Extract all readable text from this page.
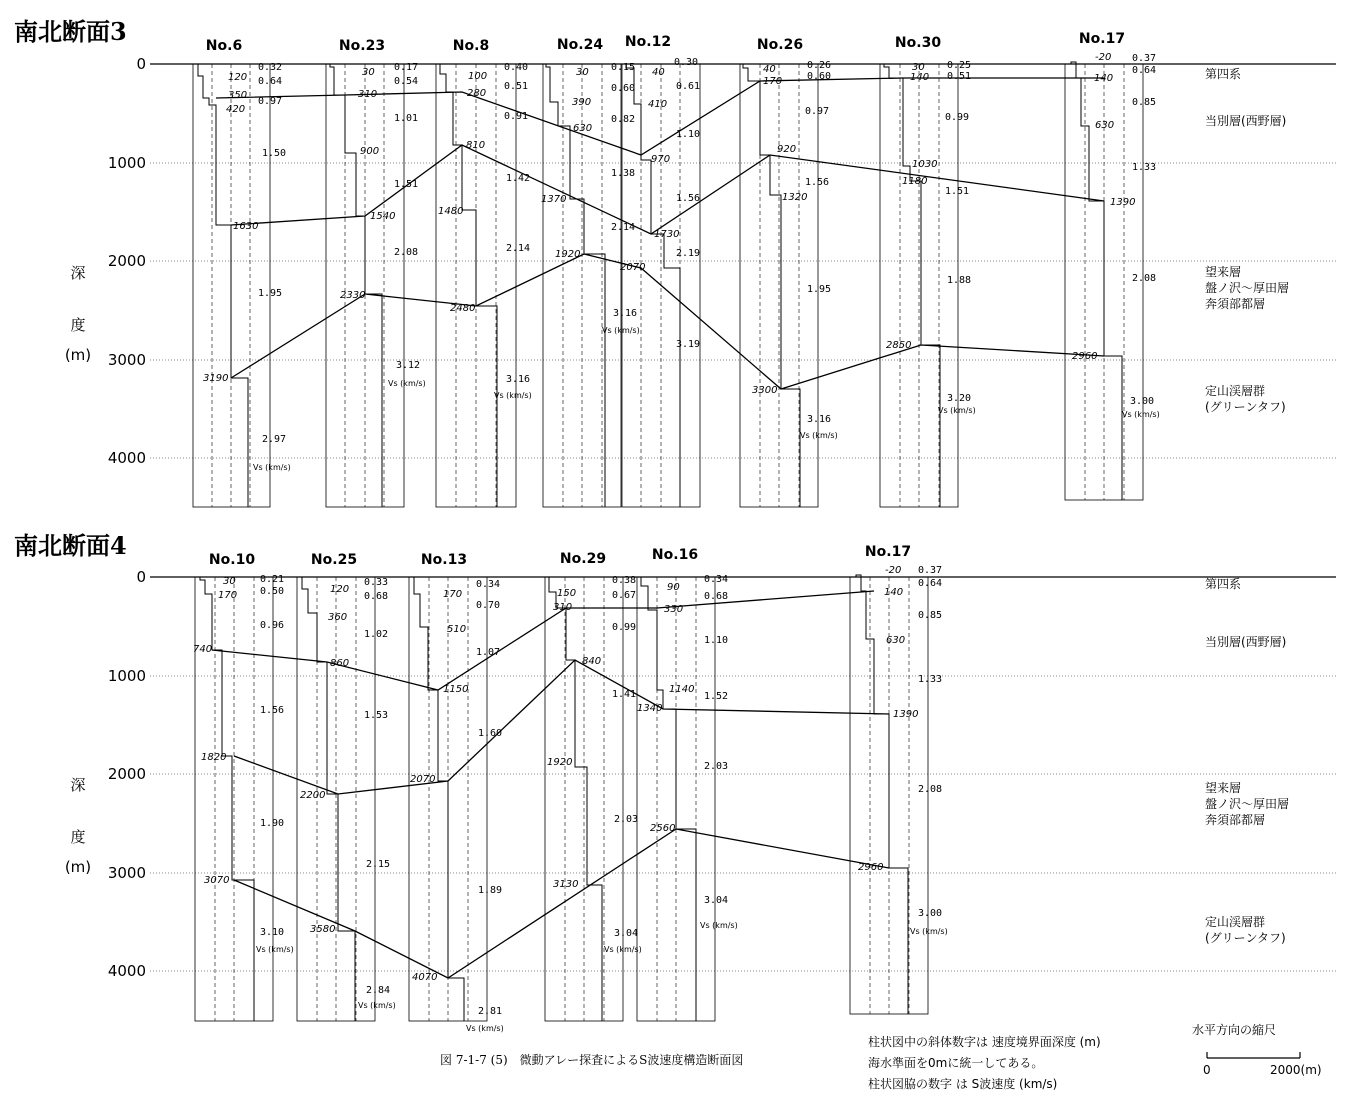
南北断面3
0
1000
2000
3000
4000
深
度
(m)
第四系
当別層(西野層)
望来層
盤ノ沢～厚田層
奔須部都層
定山渓層群
(グリーンタフ)
No.6	No.23	No.8	No.24 No.12	No.26	No.30	No.17
120
350
420
1630
3190
0.32
0.64
0.97
1.50
1.95
2.97
Vs (km/s)
30
310
900
1540
2330
0.17
0.54
1.01
1.51
2.08
3.12
Vs (km/s)
100
280
810
1480
2480
0.40
0.51
0.91
1.42
2.14
3.16
Vs (km/s)
30
390
630
1370
1920
0.15
0.60
0.82
1.38
2.14
3.16
Vs (km/s)
40
410
970
1730
2070
0.30
0.61
1.10
1.56
2.19
3.19
40
170
920
1320
3300
0.26
0.60
0.97
1.56
1.95
3.16
Vs (km/s)
30
140
1030
1180
2850
0.25
0.51
0.99
1.51
1.88
3.20
Vs (km/s)
-20
140
630
1390
2960
0.37
0.64
0.85
1.33
2.08
3.00
Vs (km/s)
南北断面4
0
1000
2000
3000
4000
深
度
(m)
第四系
当別層(西野層)
望来層
盤ノ沢～厚田層
奔須部都層
定山渓層群
(グリーンタフ)
No.10	No.25	No.13	No.29	No.16	No.17
30
170
740
1820
3070
0.21
0.50
0.96
1.56
1.90
3.10
Vs (km/s)
120
360
860
2200
3580
0.33
0.68
1.02
1.53
2.15
2.84
Vs (km/s)
170
510
1150
2070
4070
0.34
0.70
1.07
1.60
1.89
2.81
Vs (km/s)
150
310
840
1920
3130
0.38
0.67
0.99
1.41
2.03
3.04
Vs (km/s)
90
330
1140
1340
2560
0.34
0.68
1.10
1.52
2.03
3.04
Vs (km/s)
-20
140
630
1390
2960
0.37
0.64
0.85
1.33
2.08
3.00
Vs (km/s)
図 7-1-7 (5)　微動アレー探査によるS波速度構造断面図
柱状図中の斜体数字は 速度境界面深度 (m)
海水準面を0mに統一してある。
柱状図脇の数字 は S波速度 (km/s)
水平方向の縮尺
0	2000(m)
